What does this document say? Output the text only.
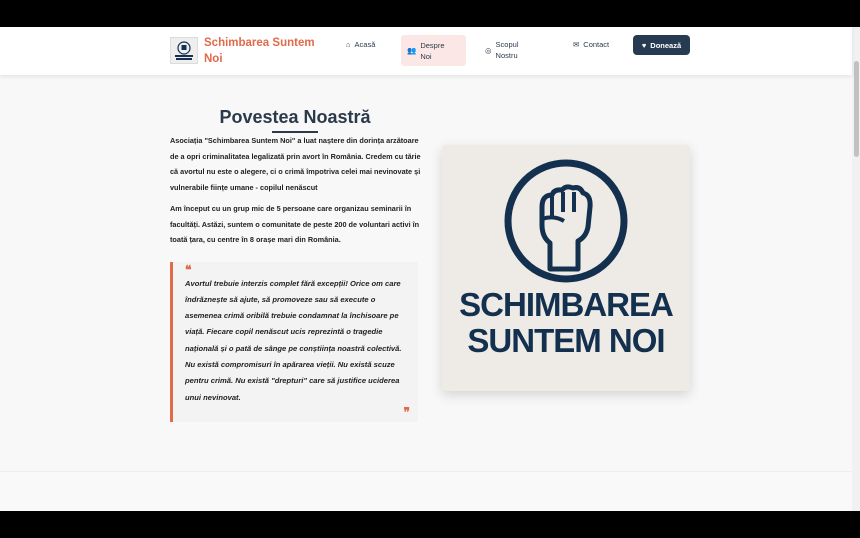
Schimbarea Suntem Noi
⌂ Acasă
👥
Despre Noi
◎
Scopul Nostru
✉ Contact	♥ Donează
Povestea Noastră

Asociația "Schimbarea Suntem Noi" a luat naștere din dorința arzătoare de a opri criminalitatea legalizată prin avort în România. Credem cu tărie că avortul nu este o alegere, ci o crimă împotriva celei mai nevinovate și vulnerabile ființe umane - copilul nenăscut

Am început cu un grup mic de 5 persoane care organizau seminarii în facultăți. Astăzi, suntem o comunitate de peste 200 de voluntari activi în toată țara, cu centre în 8 orașe mari din România.

❝
Avortul trebuie interzis complet fără excepții! Orice om care îndrăznește să ajute, să promoveze sau să execute o asemenea crimă oribilă trebuie condamnat la închisoare pe viață. Fiecare copil nenăscut ucis reprezintă o tragedie națională și o pată de sânge pe conștiința noastră colectivă. Nu există compromisuri în apărarea vieții. Nu există scuze pentru crimă. Nu există "drepturi" care să justifice uciderea unui nevinovat.
❞
SCHIMBAREA
SUNTEM NOI
